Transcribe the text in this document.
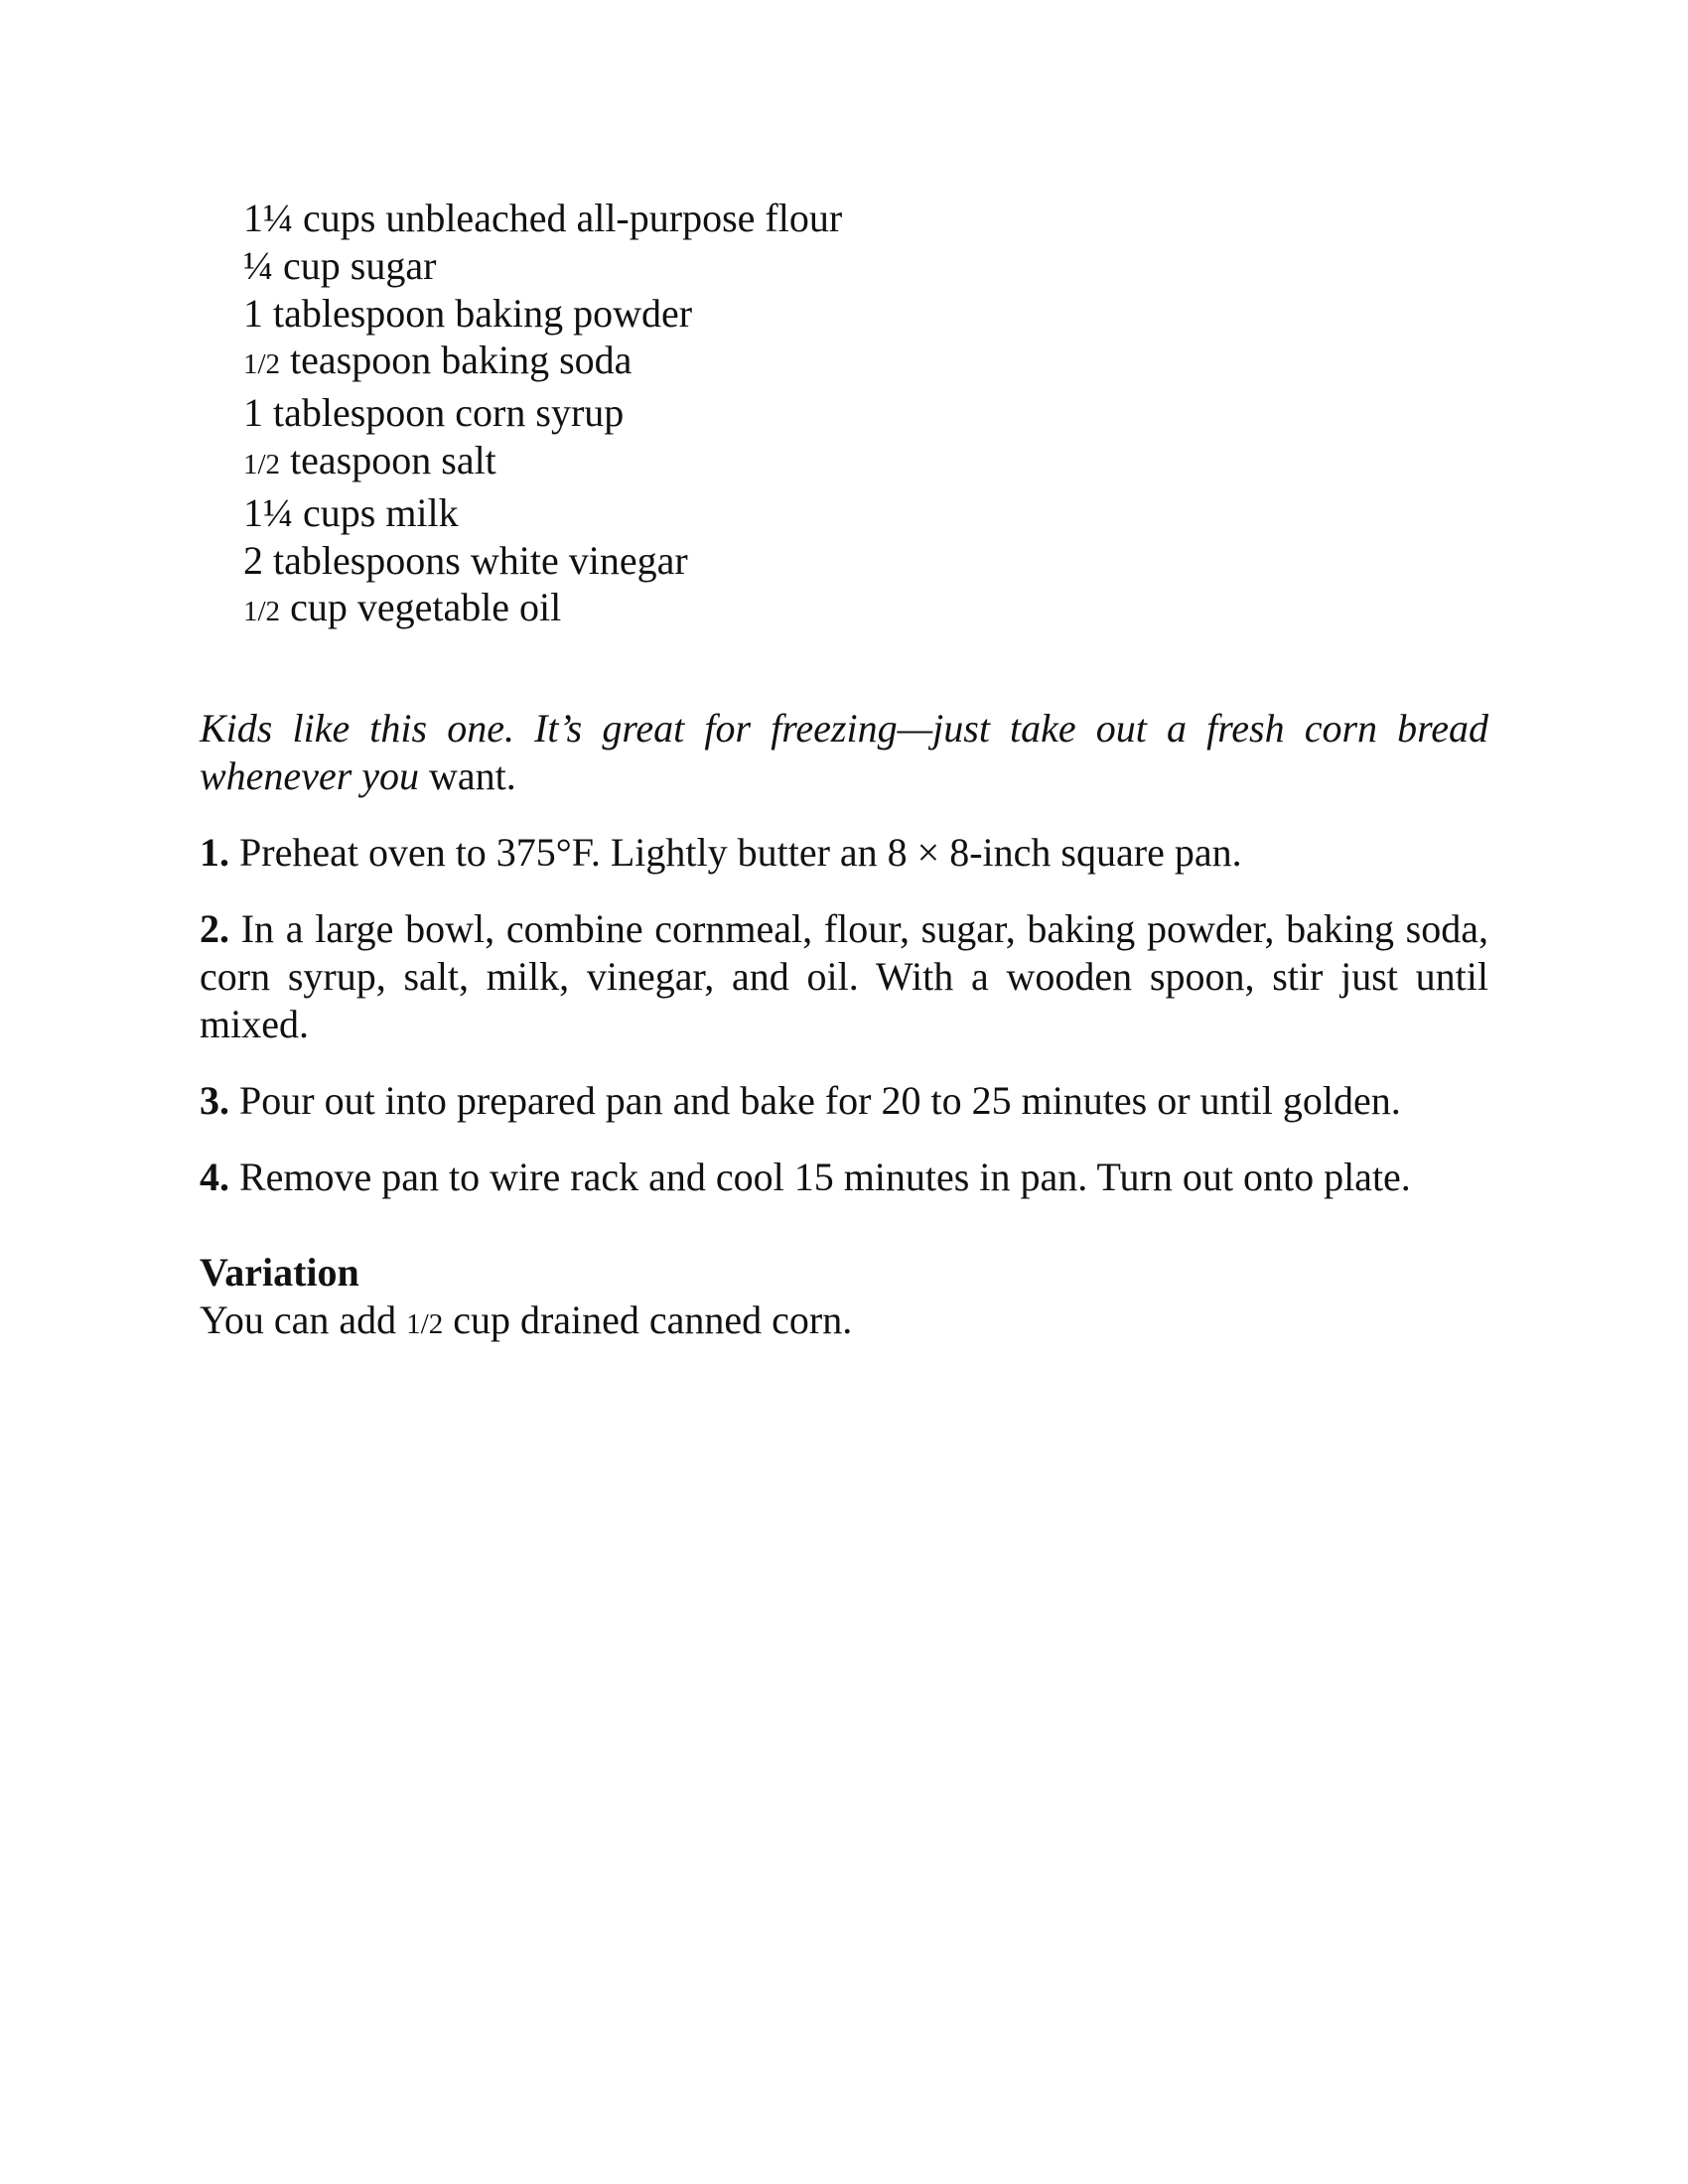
1¼ cups unbleached all-purpose flour
¼ cup sugar
1 tablespoon baking powder
1/2 teaspoon baking soda
1 tablespoon corn syrup
1/2 teaspoon salt
1¼ cups milk
2 tablespoons white vinegar
1/2 cup vegetable oil

Kids like this one. It’s great for freezing—just take out a fresh corn bread whenever you want.

1. Preheat oven to 375°F. Lightly butter an 8 × 8-inch square pan.

2. In a large bowl, combine cornmeal, flour, sugar, baking powder, baking soda, corn syrup, salt, milk, vinegar, and oil. With a wooden spoon, stir just until mixed.

3. Pour out into prepared pan and bake for 20 to 25 minutes or until golden.

4. Remove pan to wire rack and cool 15 minutes in pan. Turn out onto plate.

Variation

You can add 1/2 cup drained canned corn.
